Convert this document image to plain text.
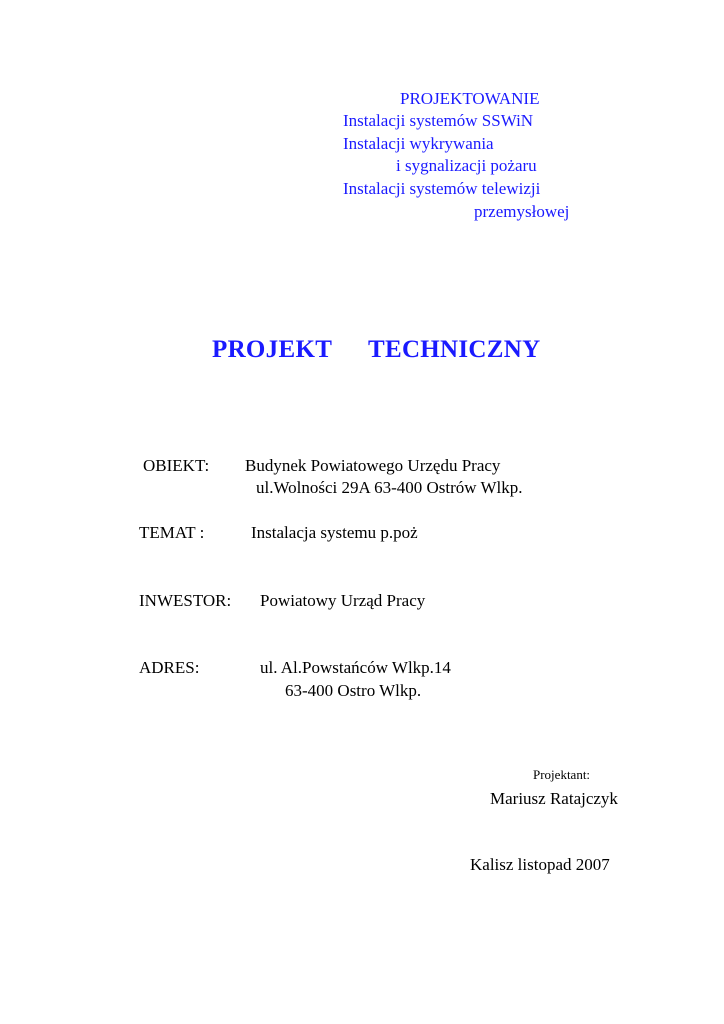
PROJEKTOWANIE
Instalacji systemów SSWiN
Instalacji wykrywania
i sygnalizacji pożaru
Instalacji systemów telewizji
przemysłowej
PROJEKT TECHNICZNY
OBIEKT: Budynek Powiatowego Urzędu Pracy
ul.Wolności 29A 63-400 Ostrów Wlkp.
TEMAT :	Instalacja systemu p.poż
INWESTOR: Powiatowy Urząd Pracy
ADRES:	ul. Al.Powstańców Wlkp.14
63-400 Ostro Wlkp.
Projektant:
Mariusz Ratajczyk
Kalisz listopad 2007
